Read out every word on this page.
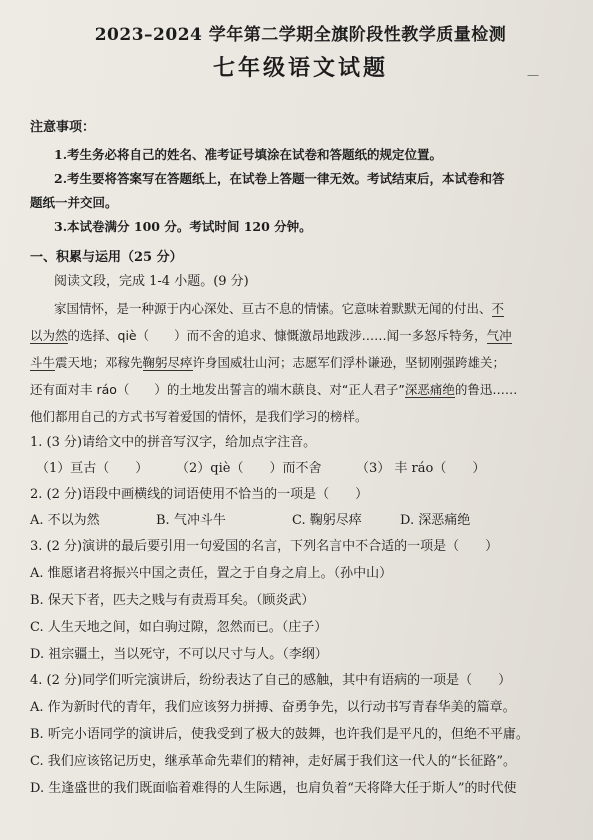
2023–2024 学年第二学期全旗阶段性教学质量检测
七年级语文试题	—

注意事项：

1.考生务必将自己的姓名、准考证号填涂在试卷和答题纸的规定位置。

2.考生要将答案写在答题纸上，在试卷上答题一律无效。考试结束后，本试卷和答

题纸一并交回。

3.本试卷满分 100 分。考试时间 120 分钟。

一、积累与运用（25 分）

阅读文段，完成 1-4 小题。(9 分)

家国情怀，是一种源于内心深处、亘古不息的情愫。它意味着默默无闻的付出、不
以为然的选择、qiè（　　）而不舍的追求、慷慨激昂地跋涉……闻一多怒斥特务，气冲
斗牛震天地；邓稼先鞠躬尽瘁许身国威壮山河；志愿军们浮朴谦逊，坚韧刚强跨雄关；
还有面对丰 ráo（　　）的土地发出誓言的端木蕻良、对“正人君子”深恶痛绝的鲁迅……
他们都用自己的方式书写着爱国的情怀，是我们学习的榜样。

1. (3 分)请给文中的拼音写汉字，给加点字注音。

（1）亘古（　　）	（2）qiè（　　）而不舍	（3） 丰 ráo（　　）

2. (2 分)语段中画横线的词语使用不恰当的一项是（　　）

A. 不以为然	B. 气冲斗牛	C. 鞠躬尽瘁	D. 深恶痛绝

3. (2 分)演讲的最后要引用一句爱国的名言，下列名言中不合适的一项是（　　）

A. 惟愿诸君将振兴中国之责任，置之于自身之肩上。（孙中山）

B. 保天下者，匹夫之贱与有责焉耳矣。（顾炎武）

C. 人生天地之间，如白驹过隙，忽然而已。（庄子）

D. 祖宗疆土，当以死守，不可以尺寸与人。（李纲）

4. (2 分)同学们听完演讲后，纷纷表达了自己的感触，其中有语病的一项是（　　）

A. 作为新时代的青年，我们应该努力拼搏、奋勇争先，以行动书写青春华美的篇章。

B. 听完小语同学的演讲后，使我受到了极大的鼓舞，也许我们是平凡的，但绝不平庸。

C. 我们应该铭记历史，继承革命先辈们的精神，走好属于我们这一代人的“长征路”。

D. 生逢盛世的我们既面临着难得的人生际遇，也肩负着“天将降大任于斯人”的时代使
